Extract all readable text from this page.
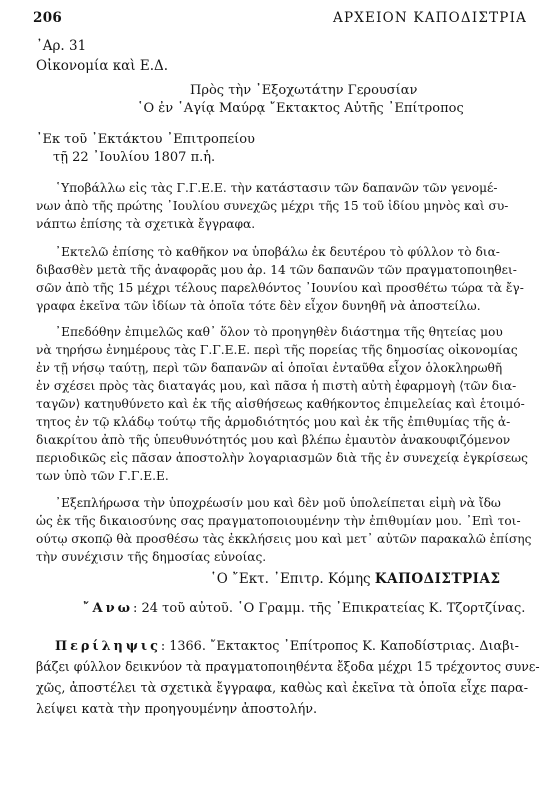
206	ΑΡΧΕΙΟΝ ΚΑΠΟΔΙΣΤΡΙΑ
᾽Αρ. 31
Οἰκονομία καὶ Ε.Δ.
Πρὸς τὴν ᾽Εξοχωτάτην Γερουσίαν
῾Ο ἐν ῾Αγίᾳ Μαύρᾳ ῎Εκτακτος Αὐτῆς ᾽Επίτροπος
᾽Εκ τοῦ ᾽Εκτάκτου ᾽Επιτροπείου
τῇ 22 ᾽Ιουλίου 1807 π.ἡ.
῾Υποβάλλω εἰς τὰς Γ.Γ.Ε.Ε. τὴν κατάστασιν τῶν δαπανῶν τῶν γενομέ-
νων ἀπὸ τῆς πρώτης ᾽Ιουλίου συνεχῶς μέχρι τῆς 15 τοῦ ἰδίου μηνὸς καὶ συ-
νάπτω ἐπίσης τὰ σχετικὰ ἔγγραφα.
᾽Εκτελῶ ἐπίσης τὸ καθῆκον να ὑποβάλω ἐκ δευτέρου τὸ φύλλον τὸ δια-
διβασθὲν μετὰ τῆς ἀναφορᾶς μου ἀρ. 14 τῶν δαπανῶν τῶν πραγματοποιηθει-
σῶν ἀπὸ τῆς 15 μέχρι τέλους παρελθόντος ᾽Ιουνίου καὶ προσθέτω τώρα τὰ ἔγ-
γραφα ἐκεῖνα τῶν ἰδίων τὰ ὁποῖα τότε δὲν εἶχον δυνηθῆ νὰ ἀποστείλω.
᾽Επεδόθην ἐπιμελῶς καθ᾽ ὅλον τὸ προηγηθὲν διάστημα τῆς θητείας μου
νὰ τηρήσω ἐνημέρους τὰς Γ.Γ.Ε.Ε. περὶ τῆς πορείας τῆς δημοσίας οἰκονομίας
ἐν τῇ νήσῳ ταύτῃ, περὶ τῶν δαπανῶν αἱ ὁποῖαι ἐνταῦθα εἶχον ὁλοκληρωθῆ
ἐν σχέσει πρὸς τὰς διαταγάς μου, καὶ πᾶσα ἡ πιστὴ αὐτὴ ἐφαρμογὴ ⟨τῶν δια-
ταγῶν⟩ κατηυθύνετο καὶ ἐκ τῆς αἰσθήσεως καθήκοντος ἐπιμελείας καὶ ἑτοιμό-
τητος ἐν τῷ κλάδῳ τούτῳ τῆς ἁρμοδιότητός μου καὶ ἐκ τῆς ἐπιθυμίας τῆς ἀ-
διακρίτου ἀπὸ τῆς ὑπευθυνότητός μου καὶ βλέπω ἐμαυτὸν ἀνακουφιζόμενον
περιοδικῶς εἰς πᾶσαν ἀποστολὴν λογαριασμῶν διὰ τῆς ἐν συνεχείᾳ ἐγκρίσεως
των ὑπὸ τῶν Γ.Γ.Ε.Ε.
᾽Εξεπλήρωσα τὴν ὑποχρέωσίν μου καὶ δὲν μοῦ ὑπολείπεται εἰμὴ νὰ ἴδω
ὡς ἐκ τῆς δικαιοσύνης σας πραγματοποιουμένην τὴν ἐπιθυμίαν μου. ᾽Επὶ τοι-
ούτῳ σκοπῷ θὰ προσθέσω τὰς ἐκκλήσεις μου καὶ μετ᾽ αὐτῶν παρακαλῶ ἐπίσης
τὴν συνέχισιν τῆς δημοσίας εὐνοίας.
῾Ο ῎Εκτ. ᾽Επιτρ. Κόμης ΚΑΠΟΔΙΣΤΡΙΑΣ
῎Ανω: 24 τοῦ αὐτοῦ. ῾Ο Γραμμ. τῆς ᾽Επικρατείας Κ. Τζορτζίνας.
Περίληψις: 1366. ῎Εκτακτος ᾽Επίτροπος Κ. Καποδίστριας. Διαβι-
βάζει φύλλον δεικνύον τὰ πραγματοποιηθέντα ἔξοδα μέχρι 15 τρέχοντος συνε-
χῶς, ἀποστέλει τὰ σχετικὰ ἔγγραφα, καθὼς καὶ ἐκεῖνα τὰ ὁποῖα εἶχε παρα-
λείψει κατὰ τὴν προηγουμένην ἀποστολήν.
